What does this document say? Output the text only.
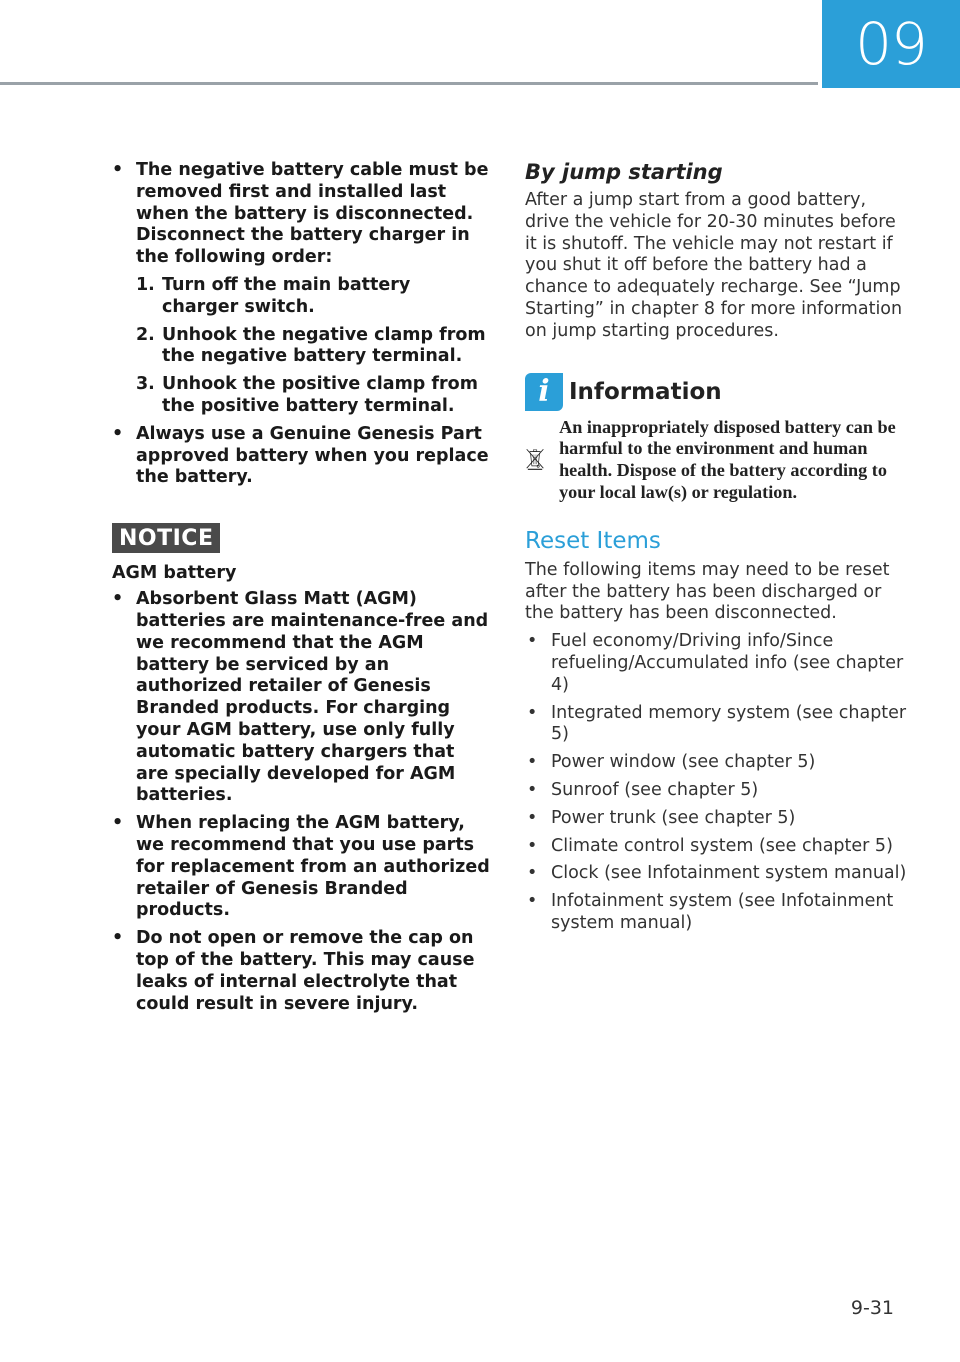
09
• The negative battery cable must be removed first and installed last when the battery is disconnected. Disconnect the battery charger in the following order:
1. Turn off the main battery charger switch.
2. Unhook the negative clamp from the negative battery terminal.
3. Unhook the positive clamp from the positive battery terminal.
• Always use a Genuine Genesis Part approved battery when you replace the battery.
NOTICE
AGM battery
• Absorbent Glass Matt (AGM) batteries are maintenance-free and we recommend that the AGM battery be serviced by an authorized retailer of Genesis Branded products. For charging your AGM battery, use only fully automatic battery chargers that are specially developed for AGM batteries.
• When replacing the AGM battery, we recommend that you use parts for replacement from an authorized retailer of Genesis Branded products.
• Do not open or remove the cap on top of the battery. This may cause leaks of internal electrolyte that could result in severe injury.
By jump starting
After a jump start from a good battery, drive the vehicle for 20-30 minutes before it is shutoff. The vehicle may not restart if you shut it off before the battery had a chance to adequately recharge. See “Jump Starting” in chapter 8 for more information on jump starting procedures.
i Information
An inappropriately disposed battery can be harmful to the environment and human health. Dispose of the battery according to your local law(s) or regulation.
Reset Items
The following items may need to be reset after the battery has been discharged or the battery has been disconnected.
• Fuel economy/Driving info/Since refueling/Accumulated info (see chapter 4)
• Integrated memory system (see chapter 5)
• Power window (see chapter 5)
• Sunroof (see chapter 5)
• Power trunk (see chapter 5)
• Climate control system (see chapter 5)
• Clock (see Infotainment system manual)
• Infotainment system (see Infotainment system manual)
9-31
